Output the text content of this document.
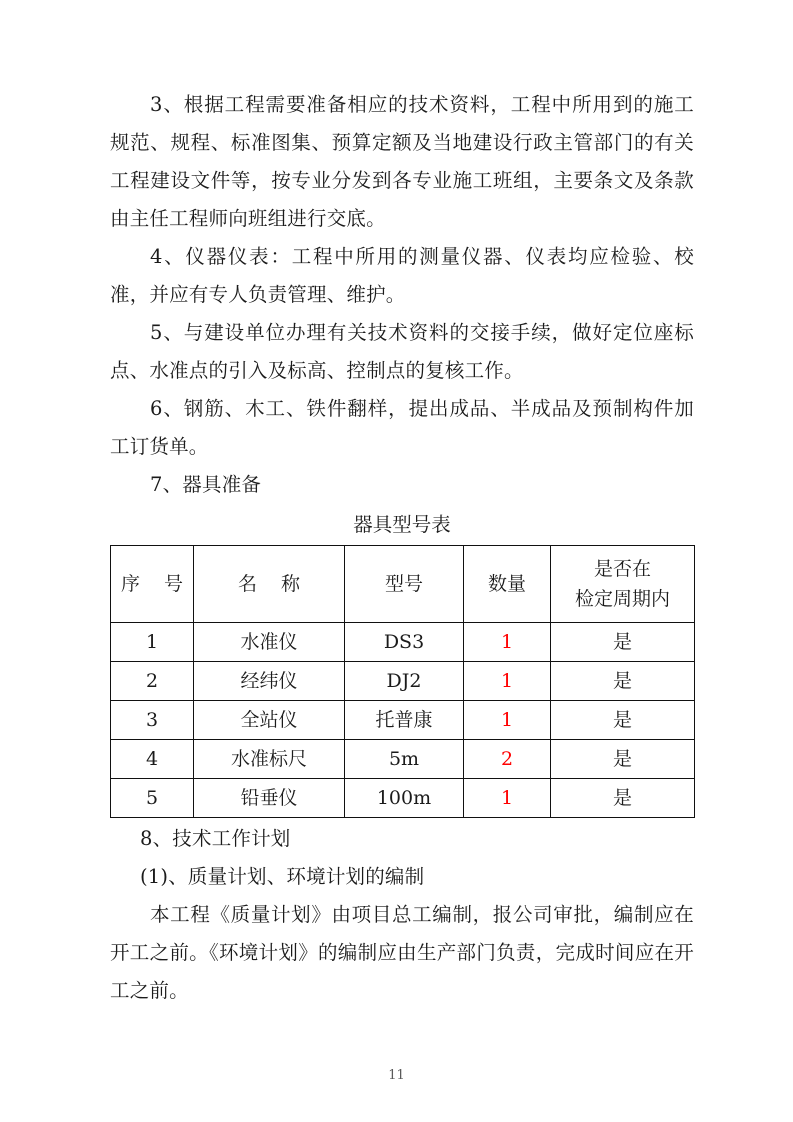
3、根据工程需要准备相应的技术资料，工程中所用到的施工规范、规程、标准图集、预算定额及当地建设行政主管部门的有关工程建设文件等，按专业分发到各专业施工班组，主要条文及条款由主任工程师向班组进行交底。

4、仪器仪表：工程中所用的测量仪器、仪表均应检验、校准，并应有专人负责管理、维护。

5、与建设单位办理有关技术资料的交接手续，做好定位座标点、水准点的引入及标高、控制点的复核工作。

6、钢筋、木工、铁件翻样，提出成品、半成品及预制构件加工订货单。

7、器具准备

器具型号表

序 号	名 称	型号	数量	是否在
检定周期内

1	水准仪	DS3	1	是
2	经纬仪	DJ2	1	是
3	全站仪	托普康	1	是
4	水准标尺	5m	2	是
5	铅垂仪	100m	1	是

8、技术工作计划

(1)、质量计划、环境计划的编制

本工程《质量计划》由项目总工编制，报公司审批，编制应在开工之前。《环境计划》的编制应由生产部门负责，完成时间应在开工之前。

11
